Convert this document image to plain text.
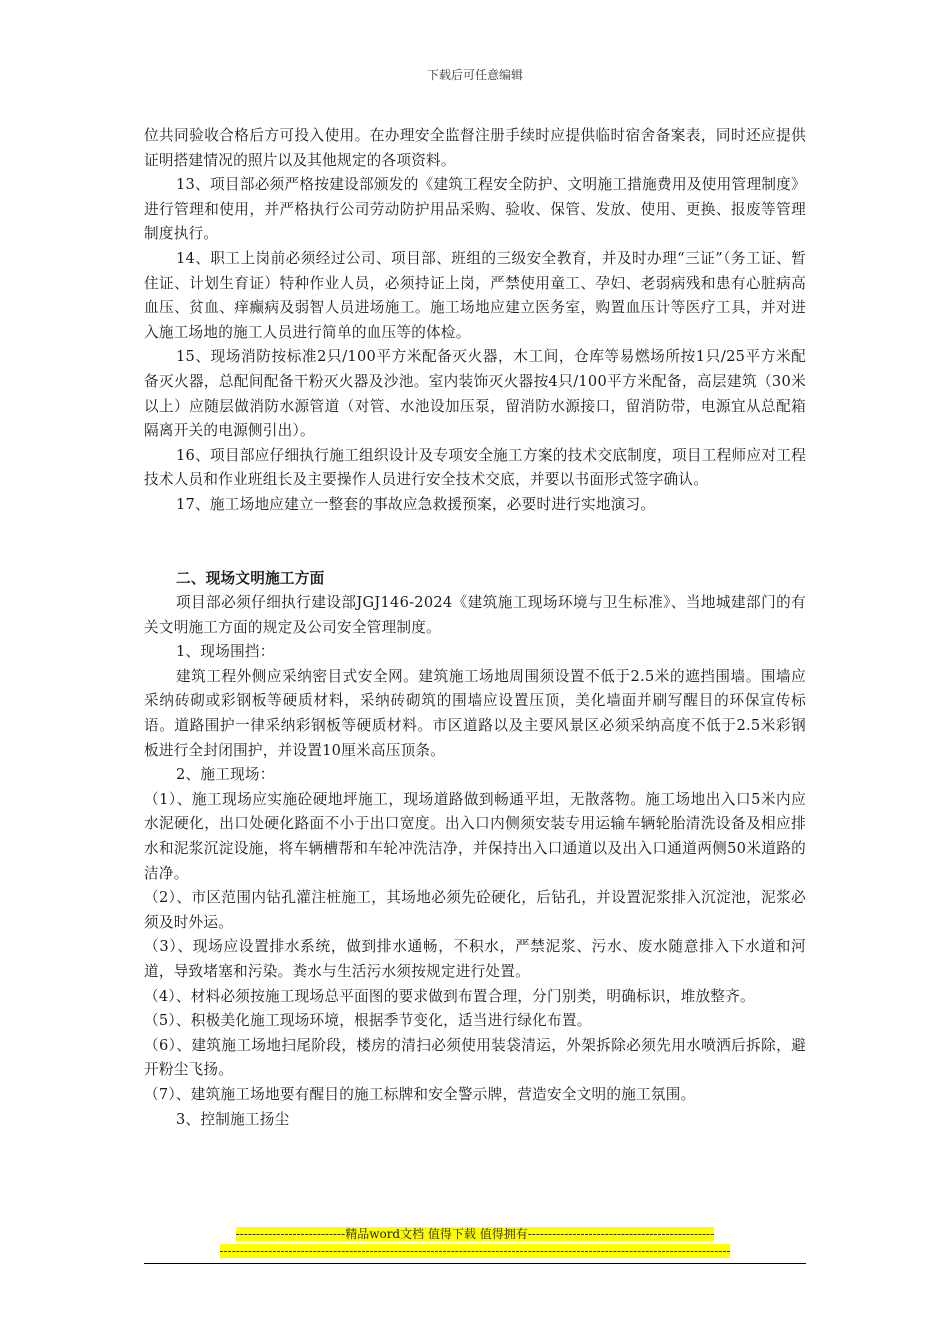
下载后可任意编辑

位共同验收合格后方可投入使用。在办理安全监督注册手续时应提供临时宿舍备案表，同时还应提供证明搭建情况的照片以及其他规定的各项资料。

13、项目部必须严格按建设部颁发的《建筑工程安全防护、文明施工措施费用及使用管理制度》进行管理和使用，并严格执行公司劳动防护用品采购、验收、保管、发放、使用、更换、报废等管理制度执行。

14、职工上岗前必须经过公司、项目部、班组的三级安全教育，并及时办理“三证”（务工证、暂住证、计划生育证）特种作业人员，必须持证上岗，严禁使用童工、孕妇、老弱病残和患有心脏病高血压、贫血、痒癫病及弱智人员进场施工。施工场地应建立医务室，购置血压计等医疗工具，并对进入施工场地的施工人员进行简单的血压等的体检。

15、现场消防按标准2只/100平方米配备灭火器，木工间，仓库等易燃场所按1只/25平方米配备灭火器，总配间配备干粉灭火器及沙池。室内装饰灭火器按4只/100平方米配备，高层建筑（30米以上）应随层做消防水源管道（对管、水池设加压泵，留消防水源接口，留消防带，电源宜从总配箱隔离开关的电源侧引出）。

16、项目部应仔细执行施工组织设计及专项安全施工方案的技术交底制度，项目工程师应对工程技术人员和作业班组长及主要操作人员进行安全技术交底，并要以书面形式签字确认。

17、施工场地应建立一整套的事故应急救援预案，必要时进行实地演习。

二、现场文明施工方面

项目部必须仔细执行建设部JGJ146-2024《建筑施工现场环境与卫生标准》、当地城建部门的有关文明施工方面的规定及公司安全管理制度。

1、现场围挡：

建筑工程外侧应采纳密目式安全网。建筑施工场地周围须设置不低于2.5米的遮挡围墙。围墙应采纳砖砌或彩钢板等硬质材料，采纳砖砌筑的围墙应设置压顶，美化墙面并刷写醒目的环保宣传标语。道路围护一律采纳彩钢板等硬质材料。市区道路以及主要风景区必须采纳高度不低于2.5米彩钢板进行全封闭围护，并设置10厘米高压顶条。

2、施工现场：

（1）、施工现场应实施砼硬地坪施工，现场道路做到畅通平坦，无散落物。施工场地出入口5米内应水泥硬化，出口处硬化路面不小于出口宽度。出入口内侧须安装专用运输车辆轮胎清洗设备及相应排水和泥浆沉淀设施，将车辆槽帮和车轮冲洗洁净，并保持出入口通道以及出入口通道两侧50米道路的洁净。

（2）、市区范围内钻孔灌注桩施工，其场地必须先砼硬化，后钻孔，并设置泥浆排入沉淀池，泥浆必须及时外运。

（3）、现场应设置排水系统，做到排水通畅，不积水，严禁泥浆、污水、废水随意排入下水道和河道，导致堵塞和污染。粪水与生活污水须按规定进行处置。

（4）、材料必须按施工现场总平面图的要求做到布置合理，分门别类，明确标识，堆放整齐。

（5）、积极美化施工现场环境，根据季节变化，适当进行绿化布置。

（6）、建筑施工场地扫尾阶段，楼房的清扫必须使用装袋清运，外架拆除必须先用水喷洒后拆除，避开粉尘飞扬。

（7）、建筑施工场地要有醒目的施工标牌和安全警示牌，营造安全文明的施工氛围。

3、控制施工扬尘

---------------------------精品word文档 值得下载 值得拥有----------------------------------------------
------------------------------------------------------------------------------------------------------------------------------
